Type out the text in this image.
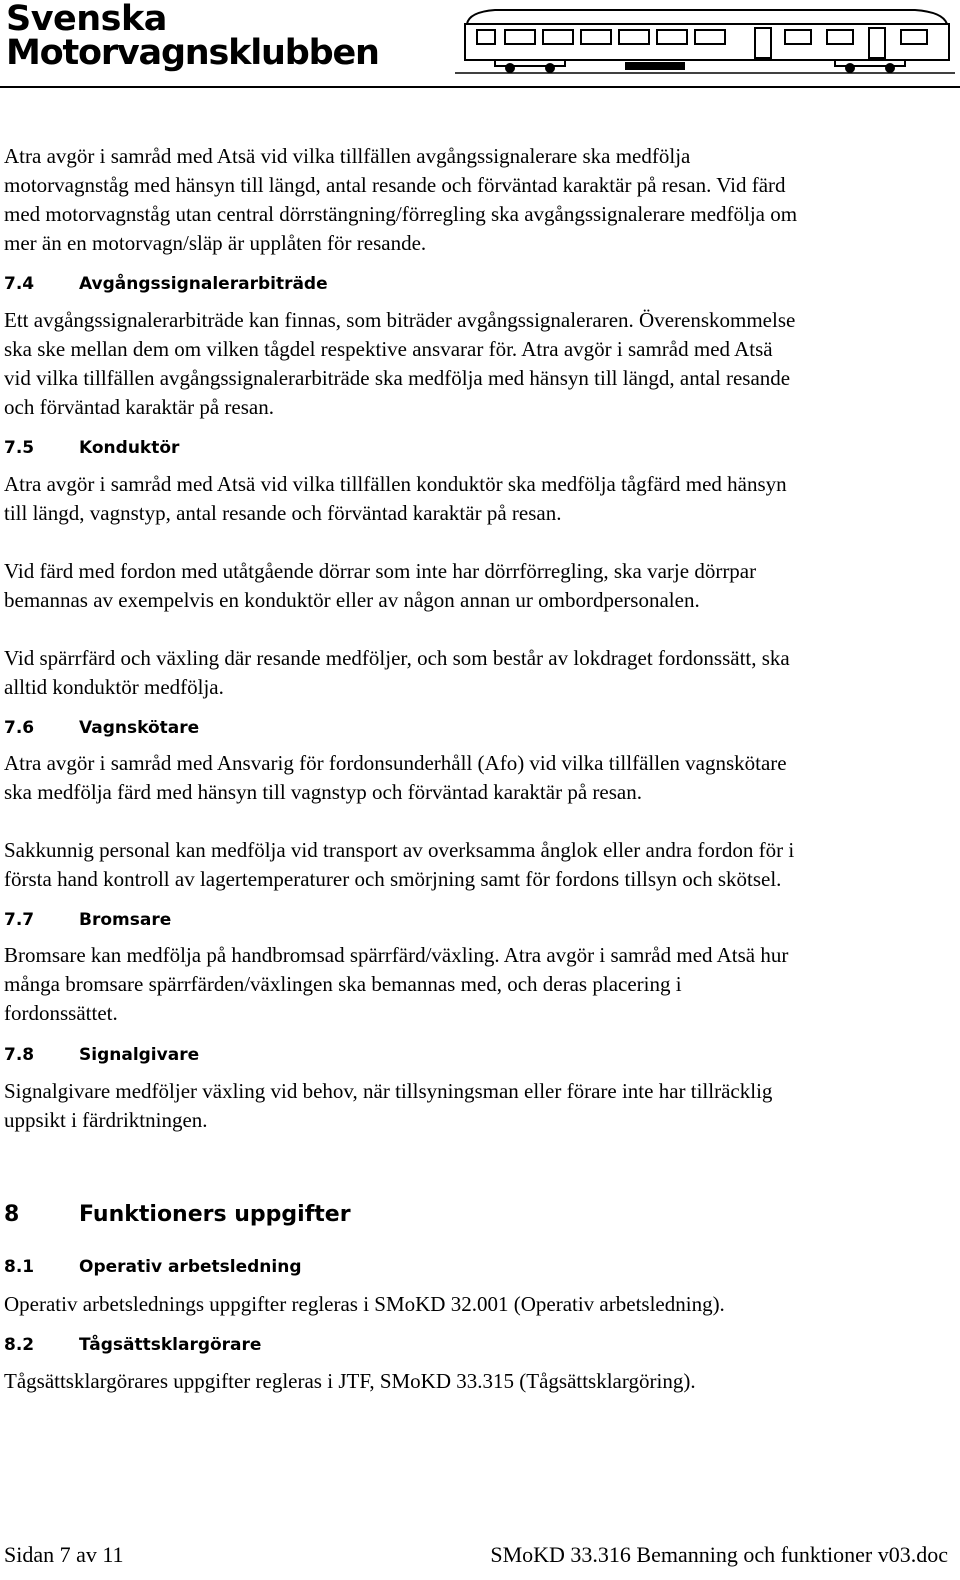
Svenska
Motorvagnsklubben
Atra avgör i samråd med Atsä vid vilka tillfällen avgångssignalerare ska medfölja
motorvagnståg med hänsyn till längd, antal resande och förväntad karaktär på resan. Vid färd
med motorvagnståg utan central dörrstängning/förregling ska avgångssignalerare medfölja om
mer än en motorvagn/släp är upplåten för resande.
7.4	Avgångssignalerarbiträde
Ett avgångssignalerarbiträde kan finnas, som biträder avgångssignaleraren. Överenskommelse
ska ske mellan dem om vilken tågdel respektive ansvarar för. Atra avgör i samråd med Atsä
vid vilka tillfällen avgångssignalerarbiträde ska medfölja med hänsyn till längd, antal resande
och förväntad karaktär på resan.
7.5	Konduktör
Atra avgör i samråd med Atsä vid vilka tillfällen konduktör ska medfölja tågfärd med hänsyn
till längd, vagnstyp, antal resande och förväntad karaktär på resan.
Vid färd med fordon med utåtgående dörrar som inte har dörrförregling, ska varje dörrpar
bemannas av exempelvis en konduktör eller av någon annan ur ombordpersonalen.
Vid spärrfärd och växling där resande medföljer, och som består av lokdraget fordonssätt, ska
alltid konduktör medfölja.
7.6	Vagnskötare
Atra avgör i samråd med Ansvarig för fordonsunderhåll (Afo) vid vilka tillfällen vagnskötare
ska medfölja färd med hänsyn till vagnstyp och förväntad karaktär på resan.
Sakkunnig personal kan medfölja vid transport av overksamma ånglok eller andra fordon för i
första hand kontroll av lagertemperaturer och smörjning samt för fordons tillsyn och skötsel.
7.7	Bromsare
Bromsare kan medfölja på handbromsad spärrfärd/växling. Atra avgör i samråd med Atsä hur
många bromsare spärrfärden/växlingen ska bemannas med, och deras placering i
fordonssättet.
7.8	Signalgivare
Signalgivare medföljer växling vid behov, när tillsyningsman eller förare inte har tillräcklig
uppsikt i färdriktningen.
8	Funktioners uppgifter
8.1	Operativ arbetsledning
Operativ arbetslednings uppgifter regleras i SMoKD 32.001 (Operativ arbetsledning).
8.2	Tågsättsklargörare
Tågsättsklargörares uppgifter regleras i JTF, SMoKD 33.315 (Tågsättsklargöring).
Sidan 7 av 11	SMoKD 33.316 Bemanning och funktioner v03.doc
